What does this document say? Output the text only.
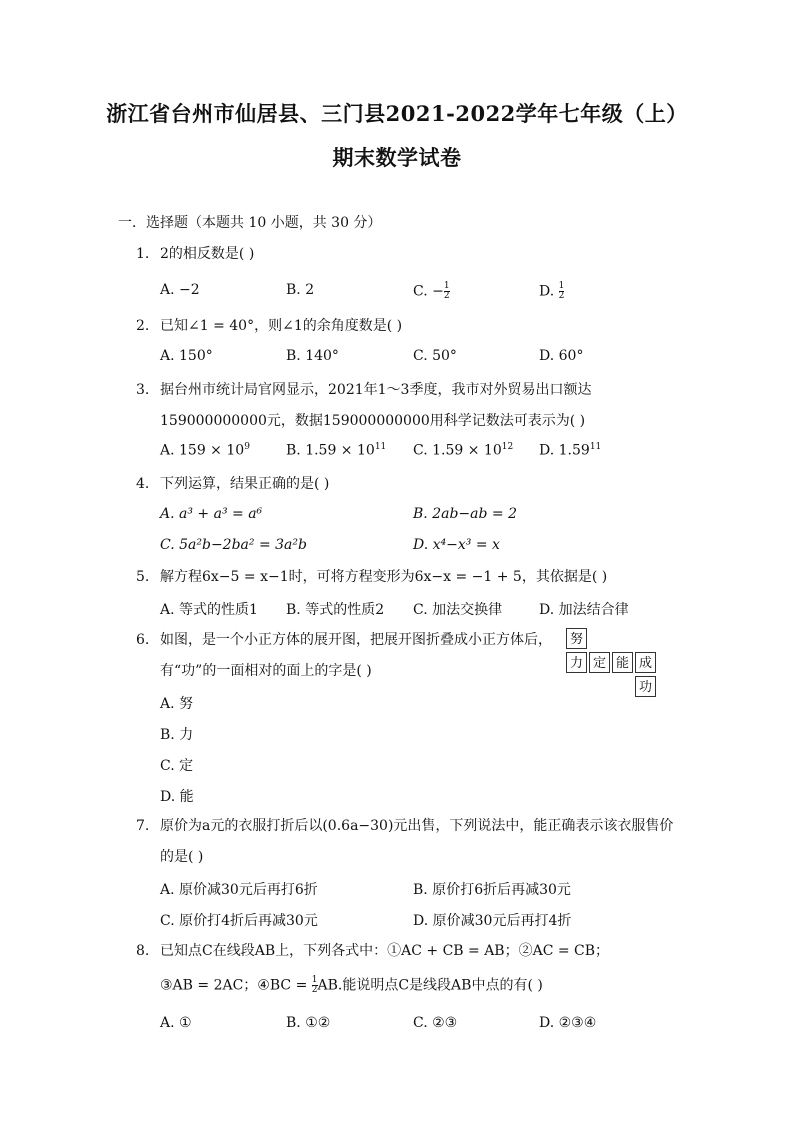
浙江省台州市仙居县、三门县2021-2022学年七年级（上）
期末数学试卷
一．选择题（本题共 10 小题，共 30 分）
1. 2的相反数是( )
A. −2	B. 2	C. − $\frac{1}{2}$	D. $\frac{1}{2}$
2. 已知∠1 = 40°，则∠1的余角度数是( )
A. 150°	B. 140°	C. 50°	D. 60°
3. 据台州市统计局官网显示，2021年1～3季度，我市对外贸易出口额达
159000000000元，数据159000000000用科学记数法可表示为( )
A. $159 \times 10^9$	B. $1.59 \times 10^{11}$ C. $1.59 \times 10^{12}$ D. 1.59$^{11}$
4. 下列运算，结果正确的是( )
A. a³ + a³ = a⁶	B. 2ab−ab = 2
C. 5a²b−2ba² = 3a²b	D. x⁴−x³ = x
5. 解方程6x−5 = x−1时，可将方程变形为6x−x = −1 + 5，其依据是( )
A. 等式的性质1 B. 等式的性质2 C. 加法交换律	D. 加法结合律
6. 如图，是一个小正方体的展开图，把展开图折叠成小正方体后，
有“功”的一面相对的面上的字是( )
努
力 定 能 成
功
A. 努
B. 力
C. 定
D. 能
7. 原价为a元的衣服打折后以(0.6a−30)元出售，下列说法中，能正确表示该衣服售价
的是( )
A. 原价减30元后再打6折	B. 原价打6折后再减30元
C. 原价打4折后再减30元	D. 原价减30元后再打4折
8. 已知点C在线段AB上，下列各式中：①AC + CB = AB；②AC = CB；
③AB = 2AC；④BC = $\frac{1}{2}$ AB.能说明点C是线段AB中点的有( )
A. ①	B. ①②	C. ②③	D. ②③④
